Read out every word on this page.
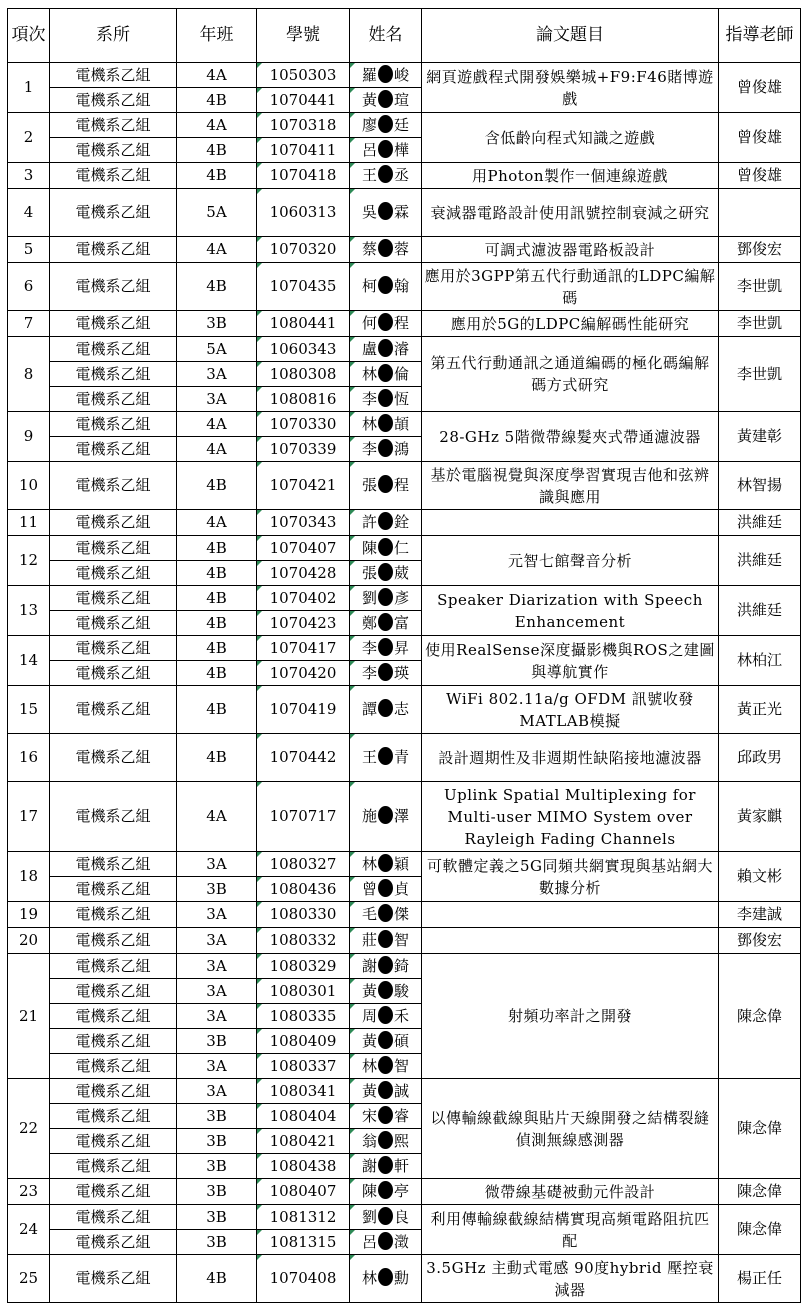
項次	系所	年班	學號	姓名	論文題目	指導老師
1	電機系乙組	4A	1050303	羅 峻	網頁遊戲程式開發娛樂城+F9:F46賭博遊戲	曾俊雄
	電機系乙組	4B	1070441	黃 瑄		
2	電機系乙組	4A	1070318	廖 廷	含低齡向程式知識之遊戲	曾俊雄
	電機系乙組	4B	1070411	呂 樺		
3	電機系乙組	4B	1070418	王 丞	用Photon製作一個連線遊戲	曾俊雄
4	電機系乙組	5A	1060313	吳 霖	衰減器電路設計使用訊號控制衰減之研究	
5	電機系乙組	4A	1070320	蔡 蓉	可調式濾波器電路板設計	鄧俊宏
6	電機系乙組	4B	1070435	柯 翰	應用於3GPP第五代行動通訊的LDPC編解碼	李世凱
7	電機系乙組	3B	1080441	何 程	應用於5G的LDPC編解碼性能研究	李世凱
8	電機系乙組	5A	1060343	盧 濬	第五代行動通訊之通道編碼的極化碼編解碼方式研究	李世凱
	電機系乙組	3A	1080308	林 倫		
	電機系乙組	3A	1080816	李 恆		
9	電機系乙組	4A	1070330	林 頡	28-GHz 5階微帶線髮夾式帶通濾波器	黃建彰
	電機系乙組	4A	1070339	李 鴻		
10	電機系乙組	4B	1070421	張 程	基於電腦視覺與深度學習實現吉他和弦辨識與應用	林智揚
11	電機系乙組	4A	1070343	許 銓		洪維廷
12	電機系乙組	4B	1070407	陳 仁	元智七館聲音分析	洪維廷
	電機系乙組	4B	1070428	張 葳		
13	電機系乙組	4B	1070402	劉 彥	Speaker Diarization with Speech Enhancement	洪維廷
	電機系乙組	4B	1070423	鄭 富		
14	電機系乙組	4B	1070417	李 昇	使用RealSense深度攝影機與ROS之建圖與導航實作	林柏江
	電機系乙組	4B	1070420	李 瑛		
15	電機系乙組	4B	1070419	譚 志	WiFi 802.11a/g OFDM 訊號收發MATLAB模擬	黃正光
16	電機系乙組	4B	1070442	王 青	設計週期性及非週期性缺陷接地濾波器	邱政男
17	電機系乙組	4A	1070717	施 澤	Uplink Spatial Multiplexing for Multi-user MIMO System over Rayleigh Fading Channels	黃家麒
18	電機系乙組	3A	1080327	林 穎	可軟體定義之5G同頻共網實現與基站網大數據分析	賴文彬
	電機系乙組	3B	1080436	曾 貞		
19	電機系乙組	3A	1080330	毛 傑		李建誠
20	電機系乙組	3A	1080332	莊 智		鄧俊宏
21	電機系乙組	3A	1080329	謝 錡	射頻功率計之開發	陳念偉
	電機系乙組	3A	1080301	黃 駿		
	電機系乙組	3A	1080335	周 禾		
	電機系乙組	3B	1080409	黃 碩		
	電機系乙組	3A	1080337	林 智		
22	電機系乙組	3A	1080341	黃 誠	以傳輸線截線與貼片天線開發之結構裂縫偵測無線感測器	陳念偉
	電機系乙組	3B	1080404	宋 睿		
	電機系乙組	3B	1080421	翁 熙		
	電機系乙組	3B	1080438	謝 軒		
23	電機系乙組	3B	1080407	陳 亭	微帶線基礎被動元件設計	陳念偉
24	電機系乙組	3B	1081312	劉 良	利用傳輸線截線結構實現高頻電路阻抗匹配	陳念偉
	電機系乙組	3B	1081315	呂 澂		
25	電機系乙組	4B	1070408	林 勳	3.5GHz 主動式電感 90度hybrid 壓控衰減器	楊正任
